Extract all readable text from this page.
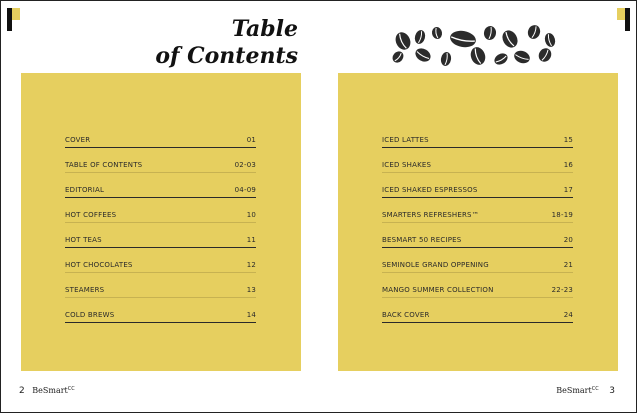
Table
of Contents
COVER	01
TABLE OF CONTENTS	02-03
EDITORIAL	04-09
HOT COFFEES	10
HOT TEAS	11
HOT CHOCOLATES	12
STEAMERS	13
COLD BREWS	14
ICED LATTES	15
ICED SHAKES	16
ICED SHAKED ESPRESSOS	17
SMARTERS REFRESHERS™	18-19
BESMART 50 RECIPES	20
SEMINOLE GRAND OPPENING	21
MANGO SUMMER COLLECTION	22-23
BACK COVER	24
2 BeSmart$^{CC}$	BeSmart$^{CC}$ 3
